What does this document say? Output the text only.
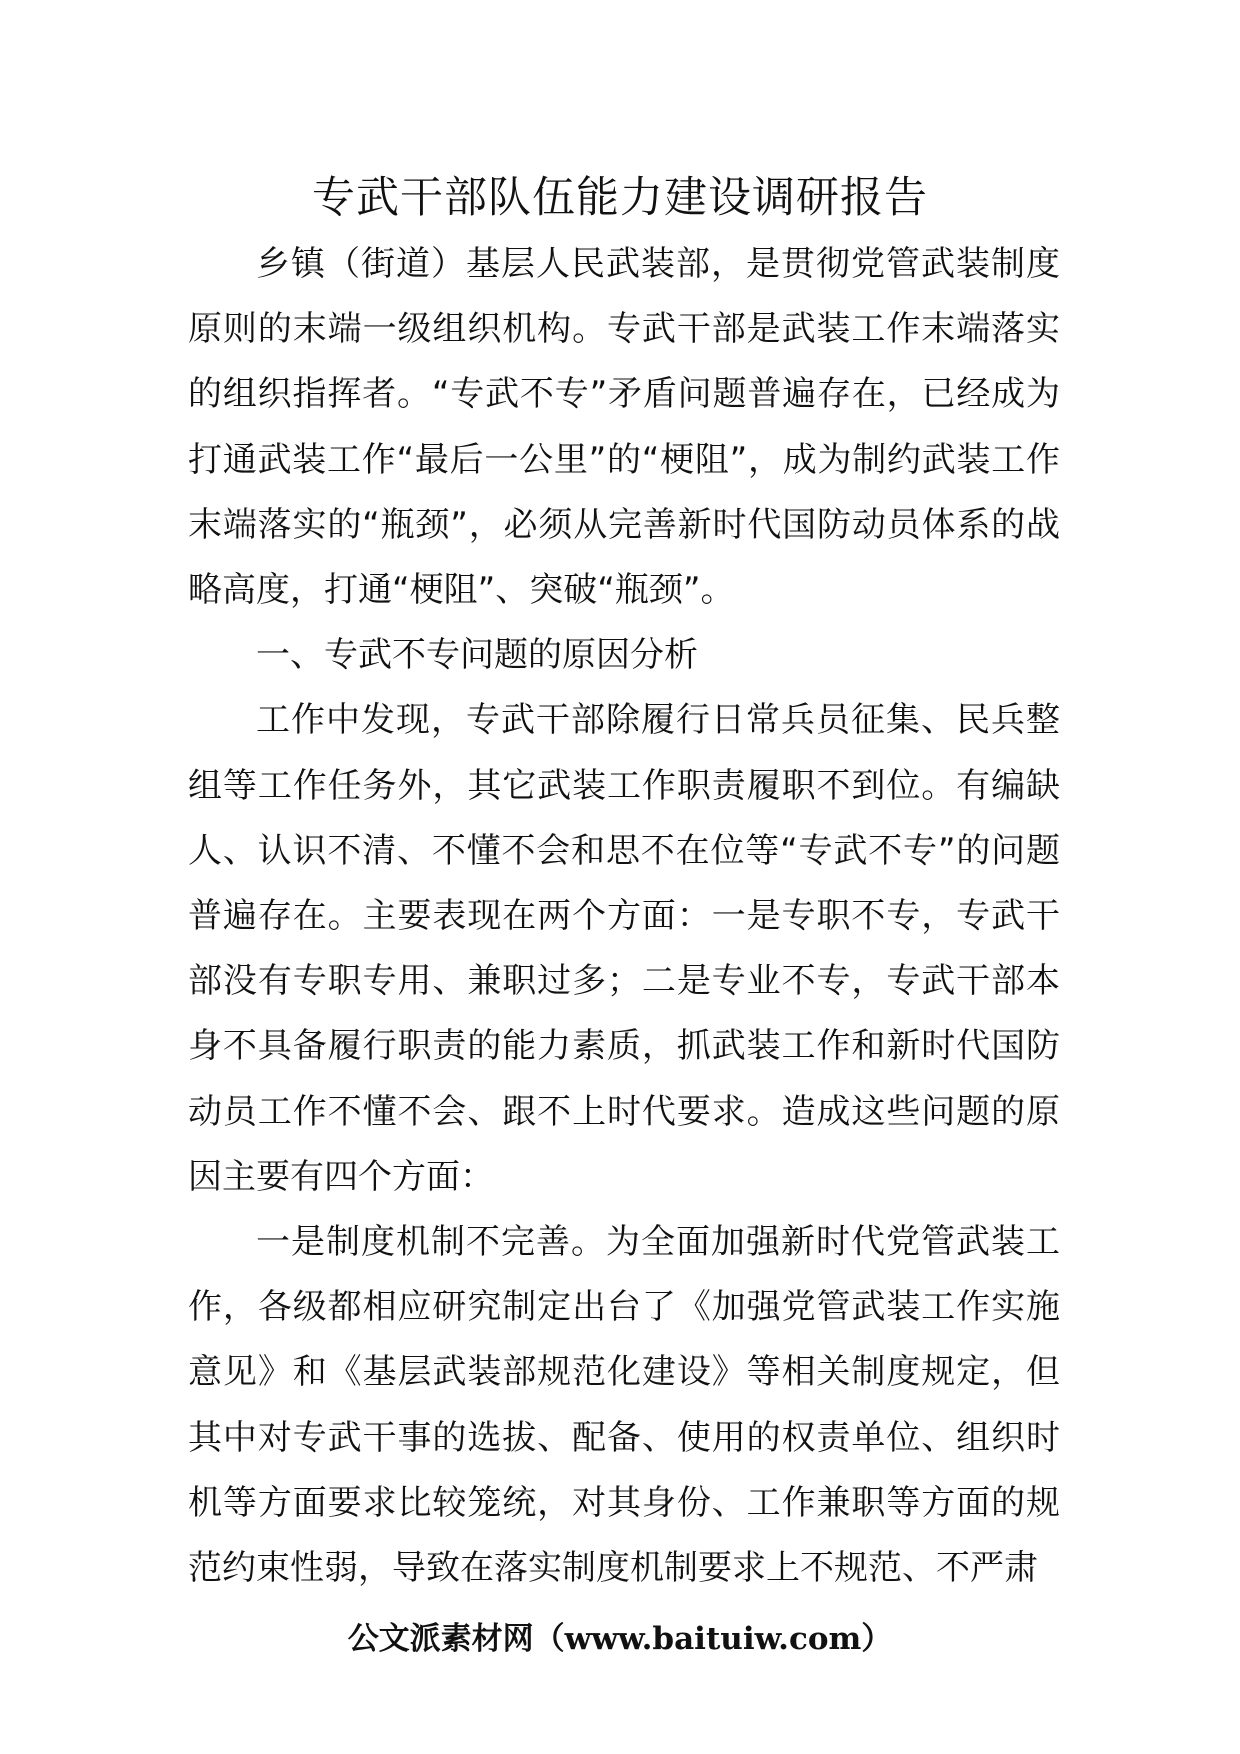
专武干部队伍能力建设调研报告

乡镇（街道）基层人民武装部，是贯彻党管武装制度原则的末端一级组织机构。专武干部是武装工作末端落实的组织指挥者。“专武不专”矛盾问题普遍存在，已经成为打通武装工作“最后一公里”的“梗阻”，成为制约武装工作末端落实的“瓶颈”，必须从完善新时代国防动员体系的战略高度，打通“梗阻”、突破“瓶颈”。

一、专武不专问题的原因分析

工作中发现，专武干部除履行日常兵员征集、民兵整组等工作任务外，其它武装工作职责履职不到位。有编缺人、认识不清、不懂不会和思不在位等“专武不专”的问题普遍存在。主要表现在两个方面：一是专职不专，专武干部没有专职专用、兼职过多；二是专业不专，专武干部本身不具备履行职责的能力素质，抓武装工作和新时代国防动员工作不懂不会、跟不上时代要求。造成这些问题的原因主要有四个方面：

一是制度机制不完善。为全面加强新时代党管武装工作，各级都相应研究制定出台了《加强党管武装工作实施意见》和《基层武装部规范化建设》等相关制度规定，但其中对专武干事的选拔、配备、使用的权责单位、组织时机等方面要求比较笼统，对其身份、工作兼职等方面的规范约束性弱，导致在落实制度机制要求上不规范、不严肃

公文派素材网（www.baituiw.com）
